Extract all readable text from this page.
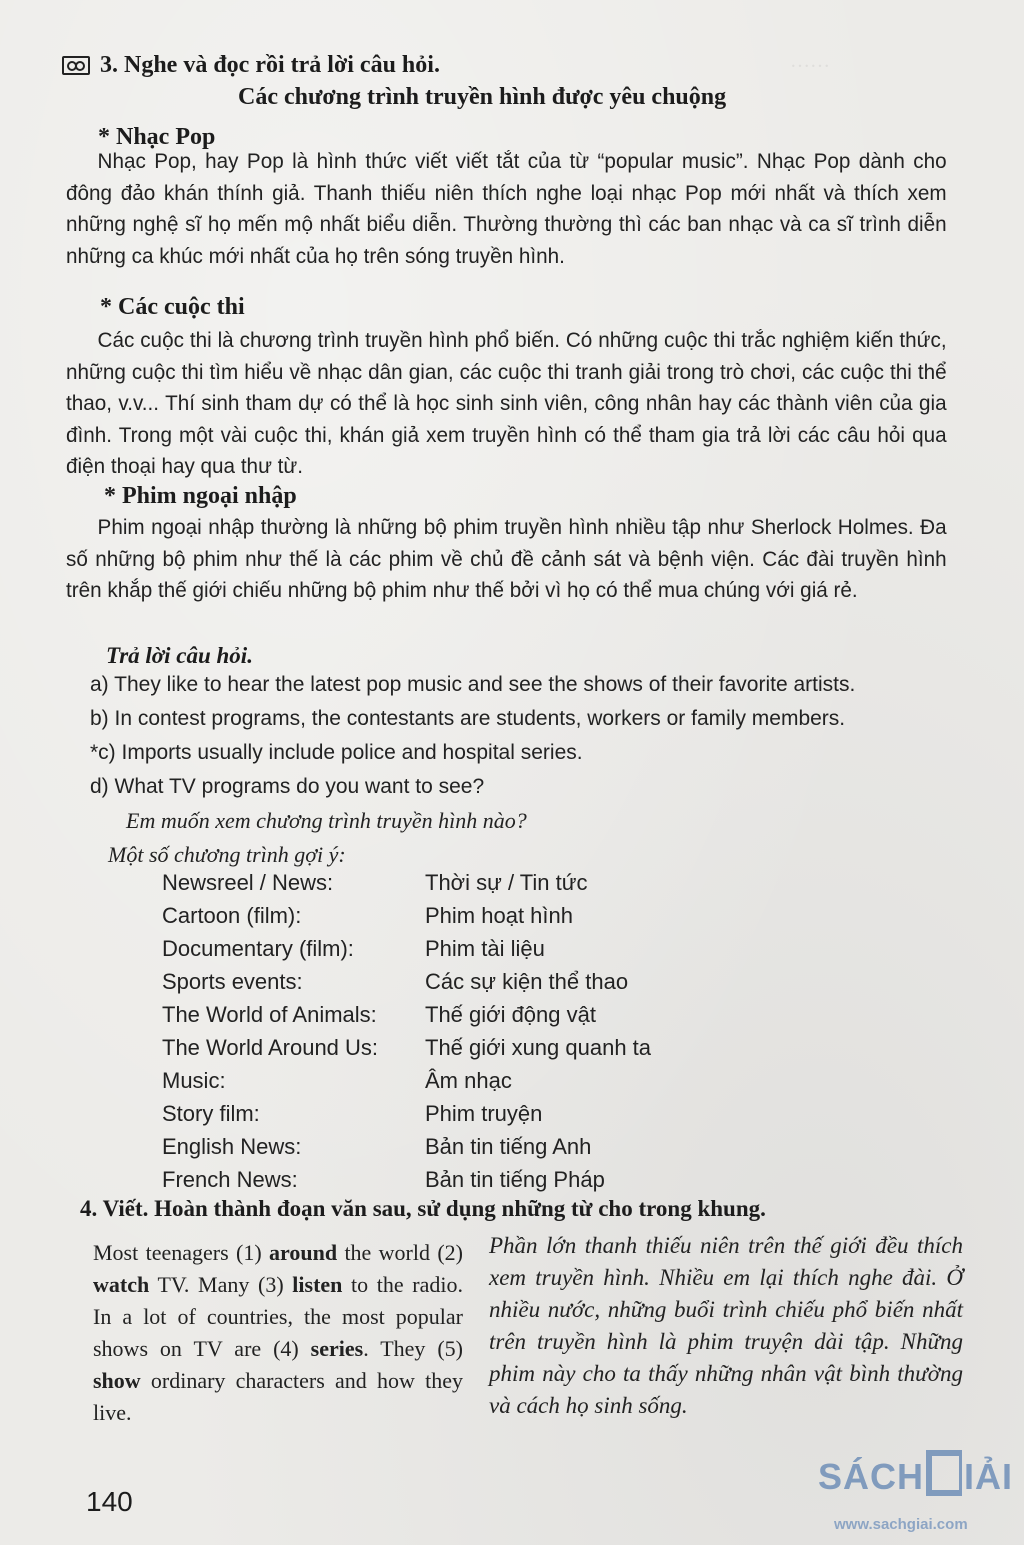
……
3. Nghe và đọc rồi trả lời câu hỏi.
Các chương trình truyền hình được yêu chuộng
* Nhạc Pop
Nhạc Pop, hay Pop là hình thức viết viết tắt của từ “popular music”. Nhạc Pop dành cho đông đảo khán thính giả. Thanh thiếu niên thích nghe loại nhạc Pop mới nhất và thích xem những nghệ sĩ họ mến mộ nhất biểu diễn. Thường thường thì các ban nhạc và ca sĩ trình diễn những ca khúc mới nhất của họ trên sóng truyền hình.
* Các cuộc thi
Các cuộc thi là chương trình truyền hình phổ biến. Có những cuộc thi trắc nghiệm kiến thức, những cuộc thi tìm hiểu về nhạc dân gian, các cuộc thi tranh giải trong trò chơi, các cuộc thi thể thao, v.v... Thí sinh tham dự có thể là học sinh sinh viên, công nhân hay các thành viên của gia đình. Trong một vài cuộc thi, khán giả xem truyền hình có thể tham gia trả lời các câu hỏi qua điện thoại hay qua thư từ.
* Phim ngoại nhập
Phim ngoại nhập thường là những bộ phim truyền hình nhiều tập như Sherlock Holmes. Đa số những bộ phim như thế là các phim về chủ đề cảnh sát và bệnh viện. Các đài truyền hình trên khắp thế giới chiếu những bộ phim như thế bởi vì họ có thể mua chúng với giá rẻ.
Trả lời câu hỏi.
a) They like to hear the latest pop music and see the shows of their favorite artists.
b) In contest programs, the contestants are students, workers or family members.
*c) Imports usually include police and hospital series.
d) What TV programs do you want to see?
Em muốn xem chương trình truyền hình nào?
Một số chương trình gợi ý:
Newsreel / News:	Thời sự / Tin tức
Cartoon (film):	Phim hoạt hình
Documentary (film):	Phim tài liệu
Sports events:	Các sự kiện thể thao
The World of Animals:	Thế giới động vật
The World Around Us:	Thế giới xung quanh ta
Music:	Âm nhạc
Story film:	Phim truyện
English News:	Bản tin tiếng Anh
French News:	Bản tin tiếng Pháp
4. Viết. Hoàn thành đoạn văn sau, sử dụng những từ cho trong khung.
Most teenagers (1) around the world (2) watch TV. Many (3) listen to the radio. In a lot of countries, the most popular shows on TV are (4) series. They (5) show ordinary characters and how they live.
Phần lớn thanh thiếu niên trên thế giới đều thích xem truyền hình. Nhiều em lại thích nghe đài. Ở nhiều nước, những buổi trình chiếu phổ biến nhất trên truyền hình là phim truyện dài tập. Những phim này cho ta thấy những nhân vật bình thường và cách họ sinh sống.
140
SÁCH IẢI
www.sachgiai.com
